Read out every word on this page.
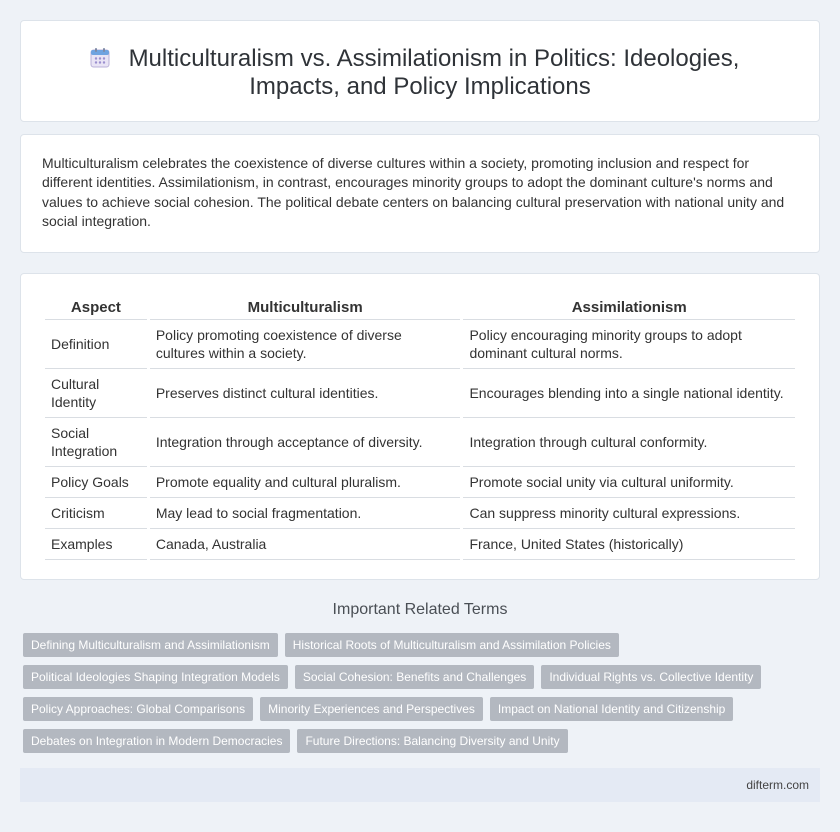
Multiculturalism vs. Assimilationism in Politics: Ideologies,
Impacts, and Policy Implications

Multiculturalism celebrates the coexistence of diverse cultures within a society, promoting inclusion and respect for different identities. Assimilationism, in contrast, encourages minority groups to adopt the dominant culture's norms and values to achieve social cohesion. The political debate centers on balancing cultural preservation with national unity and social integration.

Aspect	Multiculturalism	Assimilationism
Definition	Policy promoting coexistence of diverse cultures within a society.	Policy encouraging minority groups to adopt dominant cultural norms.
Cultural Identity	Preserves distinct cultural identities.	Encourages blending into a single national identity.
Social Integration	Integration through acceptance of diversity.	Integration through cultural conformity.
Policy Goals	Promote equality and cultural pluralism.	Promote social unity via cultural uniformity.
Criticism	May lead to social fragmentation.	Can suppress minority cultural expressions.
Examples	Canada, Australia	France, United States (historically)
Important Related Terms
Defining Multiculturalism and Assimilationism	Historical Roots of Multiculturalism and Assimilation Policies
Political Ideologies Shaping Integration Models	Social Cohesion: Benefits and Challenges	Individual Rights vs. Collective Identity
Policy Approaches: Global Comparisons	Minority Experiences and Perspectives	Impact on National Identity and Citizenship
Debates on Integration in Modern Democracies	Future Directions: Balancing Diversity and Unity
difterm.com
